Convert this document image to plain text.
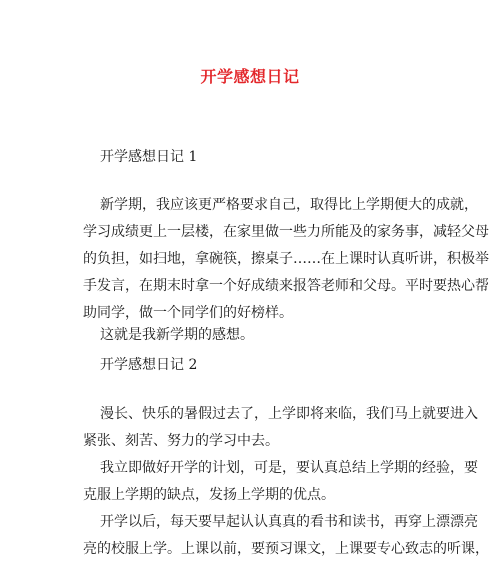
开学感想日记
开学感想日记 1
新学期，我应该更严格要求自己，取得比上学期便大的成就，
学习成绩更上一层楼，在家里做一些力所能及的家务事，减轻父母
的负担，如扫地，拿碗筷，擦桌子……在上课时认真听讲，积极举
手发言，在期末时拿一个好成绩来报答老师和父母。平时要热心帮
助同学，做一个同学们的好榜样。
这就是我新学期的感想。
开学感想日记 2
漫长、快乐的暑假过去了，上学即将来临，我们马上就要进入
紧张、刻苦、努力的学习中去。
我立即做好开学的计划，可是，要认真总结上学期的经验，要
克服上学期的缺点，发扬上学期的优点。
开学以后，每天要早起认认真真的看书和读书，再穿上漂漂亮
亮的校服上学。上课以前，要预习课文，上课要专心致志的听课，
